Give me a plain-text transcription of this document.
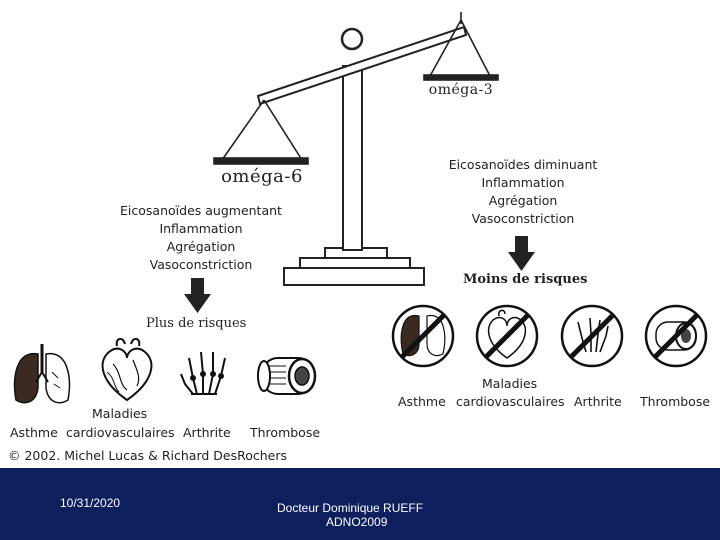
oméga-3
oméga-6
Eicosanoïdes augmentant
Inflammation
Agrégation
Vasoconstriction
Eicosanoïdes diminuant
Inflammation
Agrégation
Vasoconstriction
Plus de risques
Moins de risques
Maladies
Asthme cardiovasculaires Arthrite Thrombose
Maladies
Asthme cardiovasculaires Arthrite Thrombose
© 2002. Michel Lucas & Richard DesRochers
10/31/2020	Docteur Dominique RUEFF
ADNO2009
